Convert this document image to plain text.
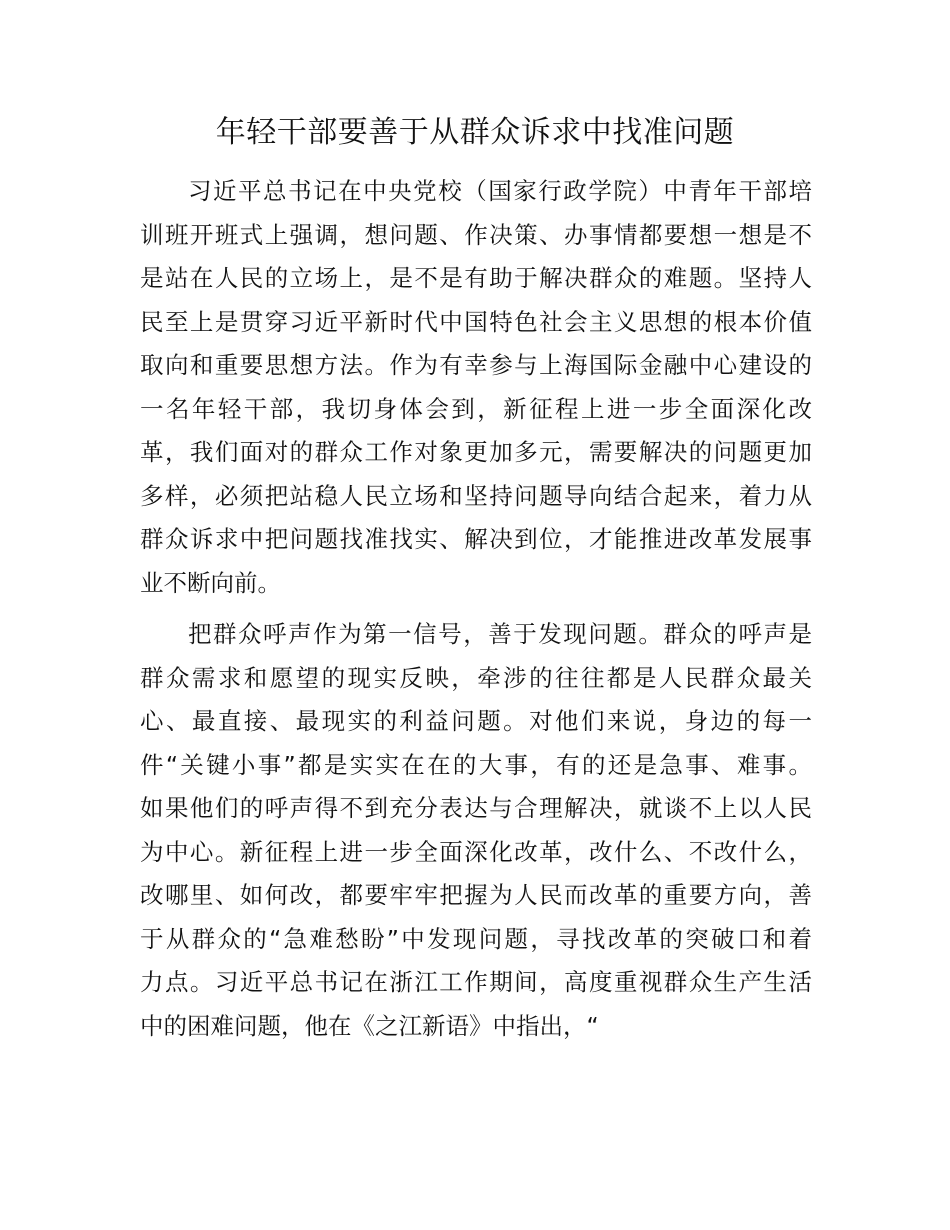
年轻干部要善于从群众诉求中找准问题
习近平总书记在中央党校（国家行政学院）中青年干部培
训班开班式上强调，想问题、作决策、办事情都要想一想是不
是站在人民的立场上，是不是有助于解决群众的难题。坚持人
民至上是贯穿习近平新时代中国特色社会主义思想的根本价值
取向和重要思想方法。作为有幸参与上海国际金融中心建设的
一名年轻干部，我切身体会到，新征程上进一步全面深化改
革，我们面对的群众工作对象更加多元，需要解决的问题更加
多样，必须把站稳人民立场和坚持问题导向结合起来，着力从
群众诉求中把问题找准找实、解决到位，才能推进改革发展事
业不断向前。
把群众呼声作为第一信号，善于发现问题。群众的呼声是
群众需求和愿望的现实反映，牵涉的往往都是人民群众最关
心、最直接、最现实的利益问题。对他们来说，身边的每一
件“关键小事”都是实实在在的大事，有的还是急事、难事。
如果他们的呼声得不到充分表达与合理解决，就谈不上以人民
为中心。新征程上进一步全面深化改革，改什么、不改什么，
改哪里、如何改，都要牢牢把握为人民而改革的重要方向，善
于从群众的“急难愁盼”中发现问题，寻找改革的突破口和着
力点。习近平总书记在浙江工作期间，高度重视群众生产生活
中的困难问题，他在《之江新语》中指出，“
